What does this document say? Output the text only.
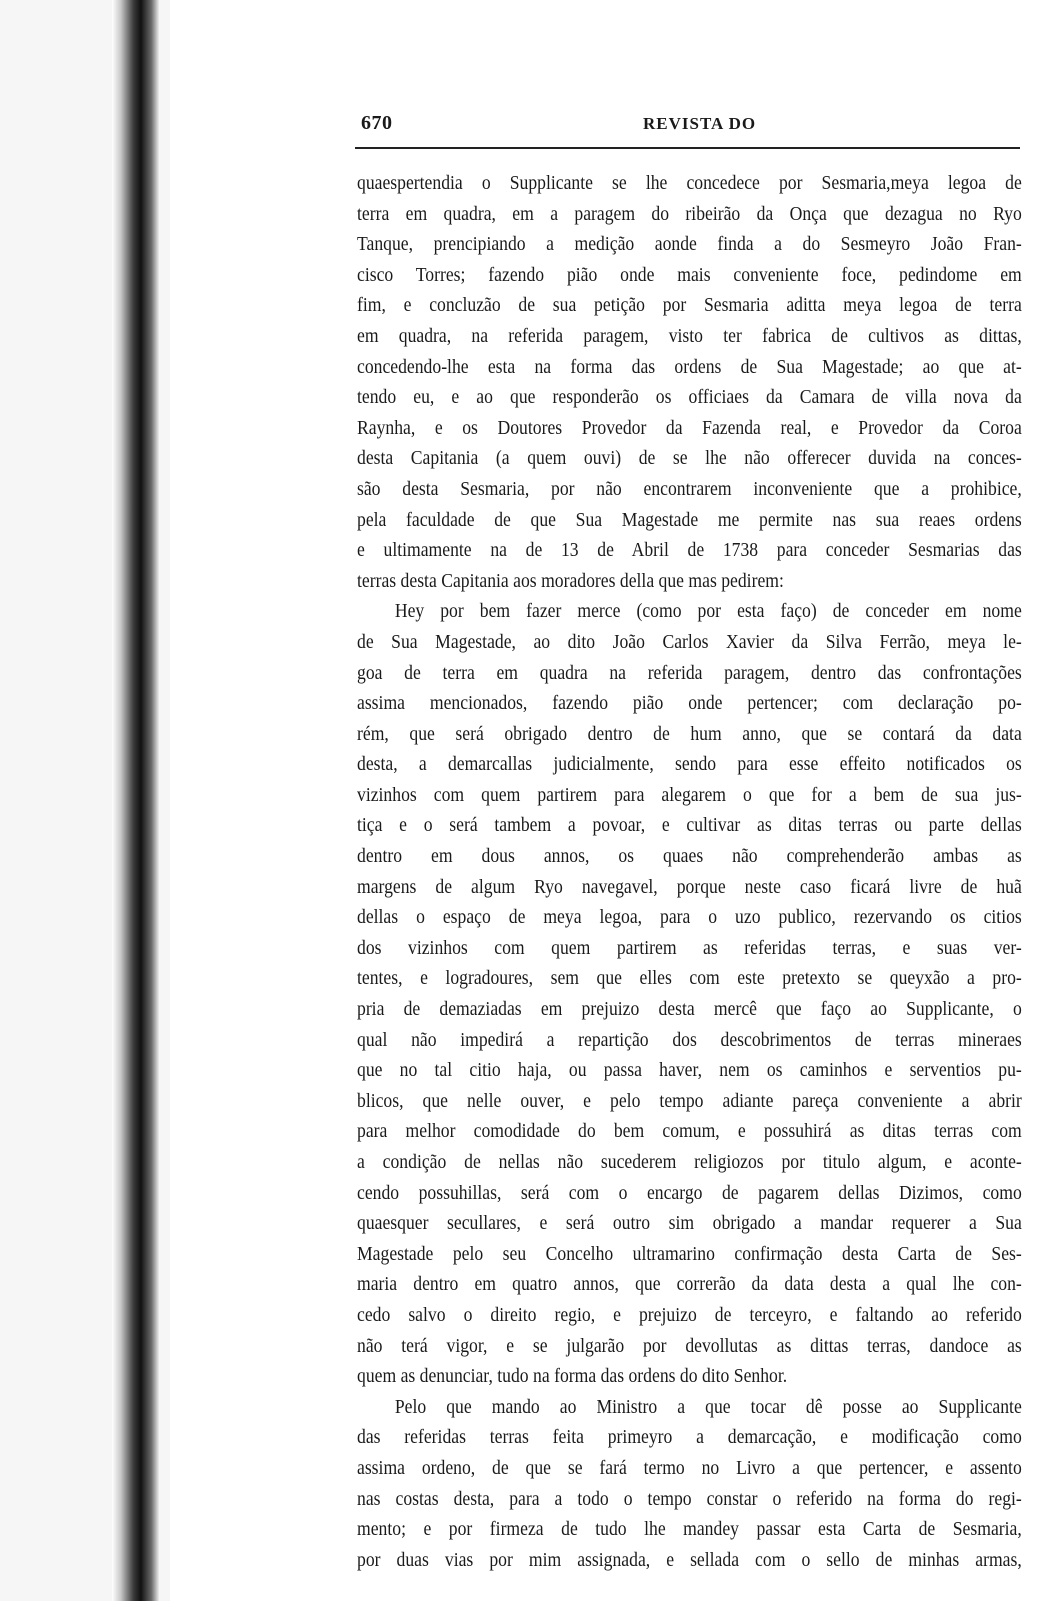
670	REVISTA DO
quaespertendia o Supplicante se lhe concedece por Sesmaria,meya legoa de
terra em quadra, em a paragem do ribeirão da Onça que dezagua no Ryo
Tanque, prencipiando a medição aonde finda a do Sesmeyro João Fran-
cisco Torres; fazendo pião onde mais conveniente foce, pedindome em
fim, e concluzão de sua petição por Sesmaria aditta meya legoa de terra
em quadra, na referida paragem, visto ter fabrica de cultivos as dittas,
concedendo-lhe esta na forma das ordens de Sua Magestade; ao que at-
tendo eu, e ao que responderão os officiaes da Camara de villa nova da
Raynha, e os Doutores Provedor da Fazenda real, e Provedor da Coroa
desta Capitania (a quem ouvi) de se lhe não offerecer duvida na conces-
são desta Sesmaria, por não encontrarem inconveniente que a prohibice,
pela faculdade de que Sua Magestade me permite nas sua reaes ordens
e ultimamente na de 13 de Abril de 1738 para conceder Sesmarias das
terras desta Capitania aos moradores della que mas pedirem:
Hey por bem fazer merce (como por esta faço) de conceder em nome
de Sua Magestade, ao dito João Carlos Xavier da Silva Ferrão, meya le-
goa de terra em quadra na referida paragem, dentro das confrontações
assima mencionados, fazendo pião onde pertencer; com declaração po-
rém, que será obrigado dentro de hum anno, que se contará da data
desta, a demarcallas judicialmente, sendo para esse effeito notificados os
vizinhos com quem partirem para alegarem o que for a bem de sua jus-
tiça e o será tambem a povoar, e cultivar as ditas terras ou parte dellas
dentro em dous annos, os quaes não comprehenderão ambas as
margens de algum Ryo navegavel, porque neste caso ficará livre de huã
dellas o espaço de meya legoa, para o uzo publico, rezervando os citios
dos vizinhos com quem partirem as referidas terras, e suas ver-
tentes, e logradoures, sem que elles com este pretexto se queyxão a pro-
pria de demaziadas em prejuizo desta mercê que faço ao Supplicante, o
qual não impedirá a repartição dos descobrimentos de terras mineraes
que no tal citio haja, ou passa haver, nem os caminhos e serventios pu-
blicos, que nelle ouver, e pelo tempo adiante pareça conveniente a abrir
para melhor comodidade do bem comum, e possuhirá as ditas terras com
a condição de nellas não sucederem religiozos por titulo algum, e aconte-
cendo possuhillas, será com o encargo de pagarem dellas Dizimos, como
quaesquer secullares, e será outro sim obrigado a mandar requerer a Sua
Magestade pelo seu Concelho ultramarino confirmação desta Carta de Ses-
maria dentro em quatro annos, que correrão da data desta a qual lhe con-
cedo salvo o direito regio, e prejuizo de terceyro, e faltando ao referido
não terá vigor, e se julgarão por devollutas as dittas terras, dandoce as
quem as denunciar, tudo na forma das ordens do dito Senhor.
Pelo que mando ao Ministro a que tocar dê posse ao Supplicante
das referidas terras feita primeyro a demarcação, e modificação como
assima ordeno, de que se fará termo no Livro a que pertencer, e assento
nas costas desta, para a todo o tempo constar o referido na forma do regi-
mento; e por firmeza de tudo lhe mandey passar esta Carta de Sesmaria,
por duas vias por mim assignada, e sellada com o sello de minhas armas,
